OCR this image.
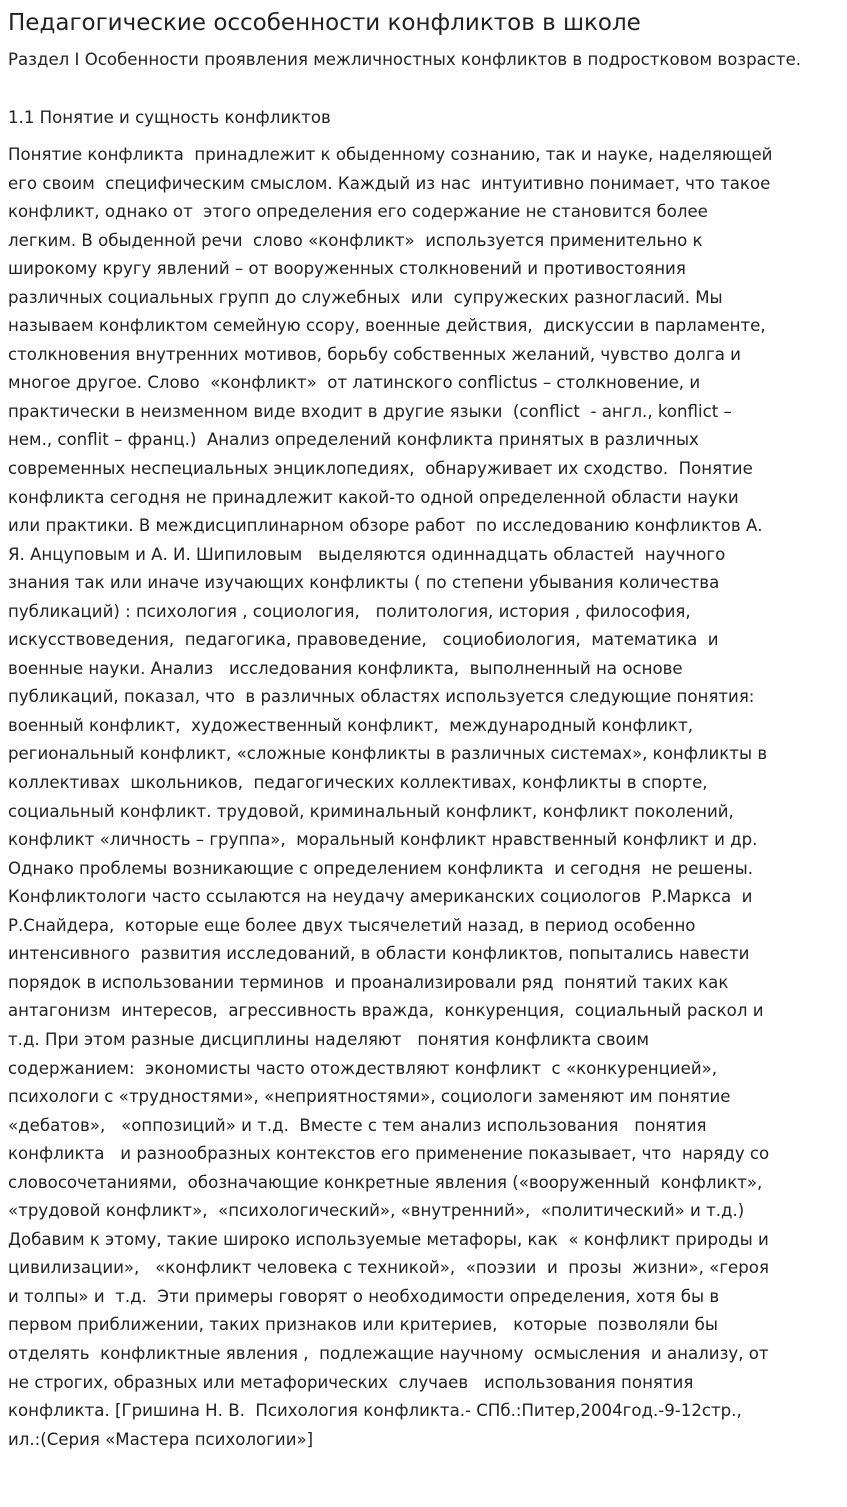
Педагогические оссобенности конфликтов в школе
Раздел I Особенности проявления межличностных конфликтов в подростковом возрасте.
1.1 Понятие и сущность конфликтов

Понятие конфликта  принадлежит к обыденному сознанию, так и науке, наделяющей
его своим  специфическим смыслом. Каждый из нас  интуитивно понимает, что такое
конфликт, однако от  этого определения его содержание не становится более
легким. В обыденной речи  слово «конфликт»  используется применительно к
широкому кругу явлений – от вооруженных столкновений и противостояния
различных социальных групп до служебных  или  супружеских разногласий. Мы
называем конфликтом семейную ссору, военные действия,  дискуссии в парламенте,
столкновения внутренних мотивов, борьбу собственных желаний, чувство долга и
многое другое. Слово  «конфликт»  от латинского conflictus – столкновение, и
практически в неизменном виде входит в другие языки  (conflict  - англ., konflict –
нем., conflit – франц.)  Анализ определений конфликта принятых в различных
современных неспециальных энциклопедиях,  обнаруживает их сходство.  Понятие
конфликта сегодня не принадлежит какой-то одной определенной области науки
или практики. В междисциплинарном обзоре работ  по исследованию конфликтов А.
Я. Анцуповым и А. И. Шипиловым   выделяются одиннадцать областей  научного
знания так или иначе изучающих конфликты ( по степени убывания количества
публикаций) : психология , социология,   политология, история , философия,
искусствоведения,  педагогика, правоведение,   социобиология,  математика  и
военные науки. Анализ   исследования конфликта,  выполненный на основе
публикаций, показал, что  в различных областях используется следующие понятия:
военный конфликт,  художественный конфликт,  международный конфликт,
региональный конфликт, «сложные конфликты в различных системах», конфликты в
коллективах  школьников,  педагогических коллективах, конфликты в спорте,
социальный конфликт. трудовой, криминальный конфликт, конфликт поколений,
конфликт «личность – группа»,  моральный конфликт нравственный конфликт и др.
Однако проблемы возникающие с определением конфликта  и сегодня  не решены.
Конфликтологи часто ссылаются на неудачу американских социологов  Р.Маркса  и
Р.Снайдера,  которые еще более двух тысячелетий назад, в период особенно
интенсивного  развития исследований, в области конфликтов, попытались навести
порядок в использовании терминов  и проанализировали ряд  понятий таких как
антагонизм  интересов,  агрессивность вражда,  конкуренция,  социальный раскол и
т.д. При этом разные дисциплины наделяют   понятия конфликта своим
содержанием:  экономисты часто отождествляют конфликт  с «конкуренцией»,
психологи с «трудностями», «неприятностями», социологи заменяют им понятие
«дебатов»,   «оппозиций» и т.д.  Вместе с тем анализ использования   понятия
конфликта   и разнообразных контекстов его применение показывает, что  наряду со
словосочетаниями,  обозначающие конкретные явления («вооруженный  конфликт»,
«трудовой конфликт»,  «психологический», «внутренний»,  «политический» и т.д.)
Добавим к этому, такие широко используемые метафоры, как  « конфликт природы и
цивилизации»,   «конфликт человека с техникой»,  «поэзии  и  прозы  жизни», «героя
и толпы» и  т.д.  Эти примеры говорят о необходимости определения, хотя бы в
первом приближении, таких признаков или критериев,   которые  позволяли бы
отделять  конфликтные явления ,  подлежащие научному  осмысления  и анализу, от
не строгих, образных или метафорических  случаев   использования понятия
конфликта. [Гришина Н. В.  Психология конфликта.- СПб.:Питер,2004год.-9-12стр.,
ил.:(Серия «Мастера психологии»]
